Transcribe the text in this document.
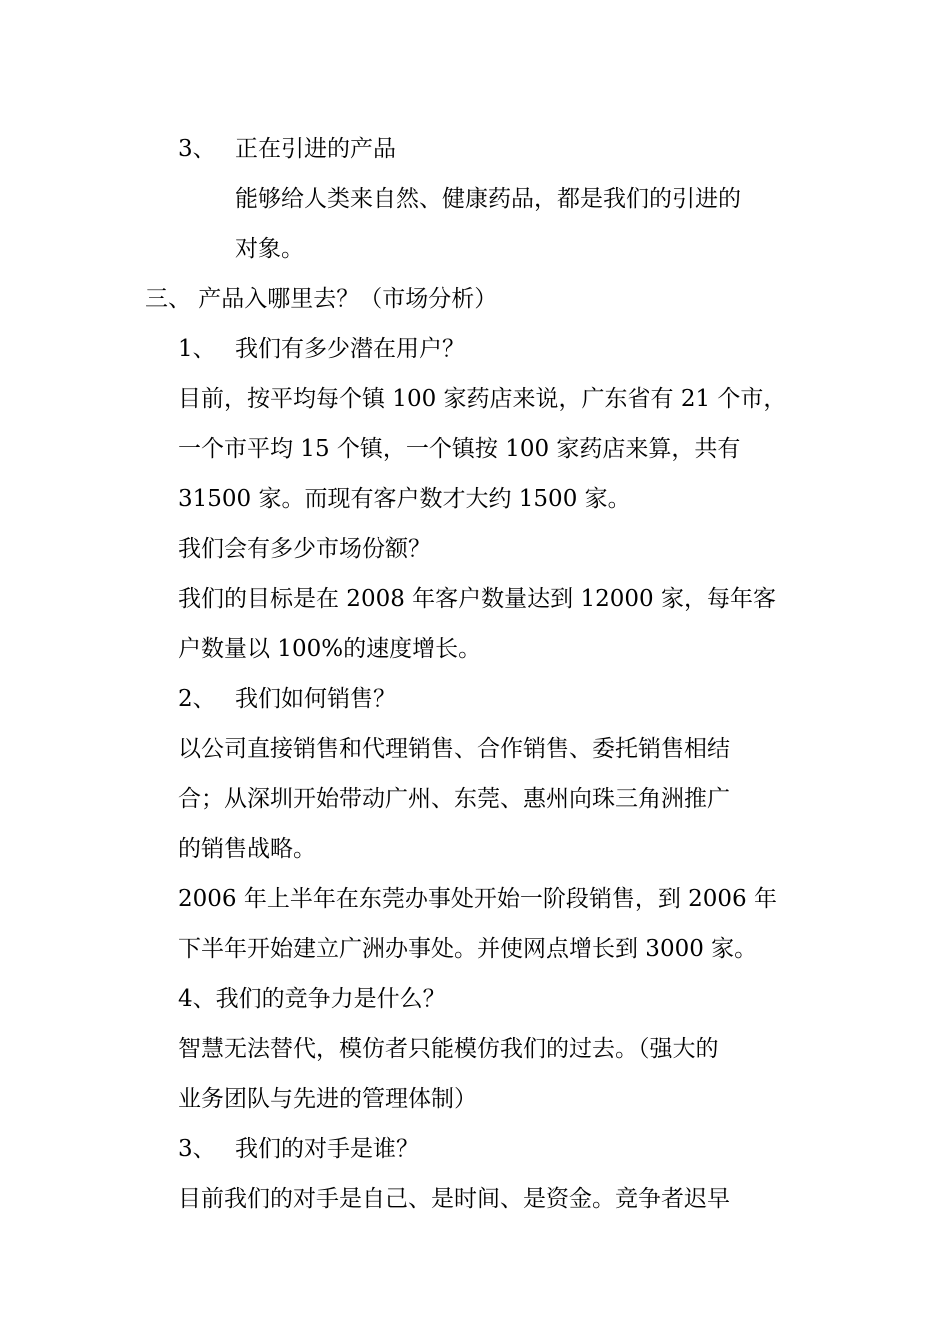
3、 正在引进的产品
能够给人类来自然、健康药品，都是我们的引进的
对象。
三、 产品入哪里去？（市场分析）
1、 我们有多少潜在用户？
目前，按平均每个镇 100 家药店来说，广东省有 21 个市，
一个市平均 15 个镇，一个镇按 100 家药店来算，共有
31500 家。而现有客户数才大约 1500 家。
我们会有多少市场份额？
我们的目标是在 2008 年客户数量达到 12000 家，每年客
户数量以 100%的速度增长。
2、 我们如何销售？
以公司直接销售和代理销售、合作销售、委托销售相结
合；从深圳开始带动广州、东莞、惠州向珠三角洲推广
的销售战略。
2006 年上半年在东莞办事处开始一阶段销售，到 2006 年
下半年开始建立广洲办事处。并使网点增长到 3000 家。
4、我们的竞争力是什么？
智慧无法替代，模仿者只能模仿我们的过去。（强大的
业务团队与先进的管理体制）
3、 我们的对手是谁？
目前我们的对手是自己、是时间、是资金。竞争者迟早
